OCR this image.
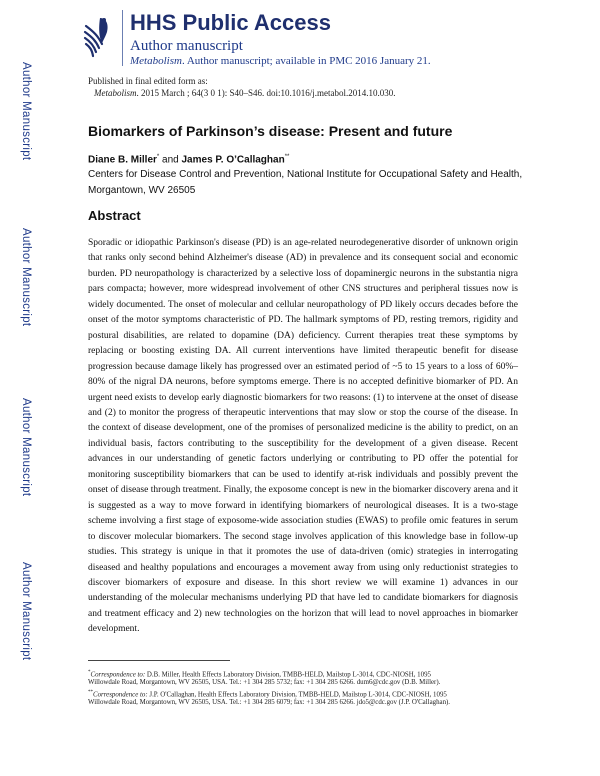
Author Manuscript
Author Manuscript
Author Manuscript
Author Manuscript
HHS Public Access
Author manuscript
Metabolism. Author manuscript; available in PMC 2016 January 21.
Published in final edited form as:
Metabolism. 2015 March ; 64(3 0 1): S40–S46. doi:10.1016/j.metabol.2014.10.030.
Biomarkers of Parkinson’s disease: Present and future
Diane B. Miller* and James P. O’Callaghan**
Centers for Disease Control and Prevention, National Institute for Occupational Safety and Health, Morgantown, WV 26505
Abstract
Sporadic or idiopathic Parkinson's disease (PD) is an age-related neurodegenerative disorder of unknown origin that ranks only second behind Alzheimer's disease (AD) in prevalence and its consequent social and economic burden. PD neuropathology is characterized by a selective loss of dopaminergic neurons in the substantia nigra pars compacta; however, more widespread involvement of other CNS structures and peripheral tissues now is widely documented. The onset of molecular and cellular neuropathology of PD likely occurs decades before the onset of the motor symptoms characteristic of PD. The hallmark symptoms of PD, resting tremors, rigidity and postural disabilities, are related to dopamine (DA) deficiency. Current therapies treat these symptoms by replacing or boosting existing DA. All current interventions have limited therapeutic benefit for disease progression because damage likely has progressed over an estimated period of ~5 to 15 years to a loss of 60%–80% of the nigral DA neurons, before symptoms emerge. There is no accepted definitive biomarker of PD. An urgent need exists to develop early diagnostic biomarkers for two reasons: (1) to intervene at the onset of disease and (2) to monitor the progress of therapeutic interventions that may slow or stop the course of the disease. In the context of disease development, one of the promises of personalized medicine is the ability to predict, on an individual basis, factors contributing to the susceptibility for the development of a given disease. Recent advances in our understanding of genetic factors underlying or contributing to PD offer the potential for monitoring susceptibility biomarkers that can be used to identify at-risk individuals and possibly prevent the onset of disease through treatment. Finally, the exposome concept is new in the biomarker discovery arena and it is suggested as a way to move forward in identifying biomarkers of neurological diseases. It is a two-stage scheme involving a first stage of exposome-wide association studies (EWAS) to profile omic features in serum to discover molecular biomarkers. The second stage involves application of this knowledge base in follow-up studies. This strategy is unique in that it promotes the use of data-driven (omic) strategies in interrogating diseased and healthy populations and encourages a movement away from using only reductionist strategies to discover biomarkers of exposure and disease. In this short review we will examine 1) advances in our understanding of the molecular mechanisms underlying PD that have led to candidate biomarkers for diagnosis and treatment efficacy and 2) new technologies on the horizon that will lead to novel approaches in biomarker development.
*Correspondence to: D.B. Miller, Health Effects Laboratory Division, TMBB-HELD, Mailstop L-3014, CDC-NIOSH, 1095
Willowdale Road, Morgantown, WV 26505, USA. Tel.: +1 304 285 5732; fax: +1 304 285 6266. dum6@cdc.gov (D.B. Miller).
**Correspondence to: J.P. O'Callaghan, Health Effects Laboratory Division, TMBB-HELD, Mailstop L-3014, CDC-NIOSH, 1095
Willowdale Road, Morgantown, WV 26505, USA. Tel.: +1 304 285 6079; fax: +1 304 285 6266. jdo5@cdc.gov (J.P. O'Callaghan).
